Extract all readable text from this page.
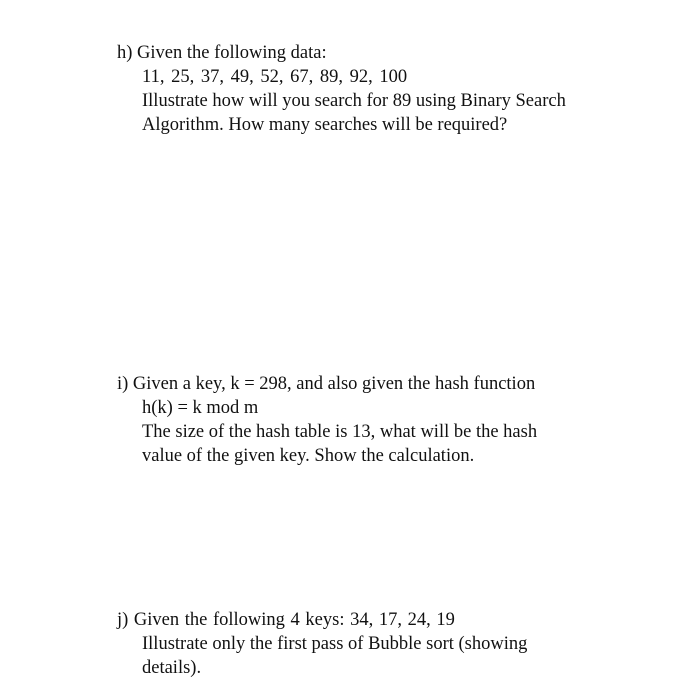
h) Given the following data:
11, 25, 37, 49, 52, 67, 89, 92, 100
Illustrate how will you search for 89 using Binary Search
Algorithm. How many searches will be required?
i) Given a key, k = 298, and also given the hash function
h(k) = k mod m
The size of the hash table is 13, what will be the hash
value of the given key. Show the calculation.
j) Given the following 4 keys: 34, 17, 24, 19
Illustrate only the first pass of Bubble sort (showing
details).
